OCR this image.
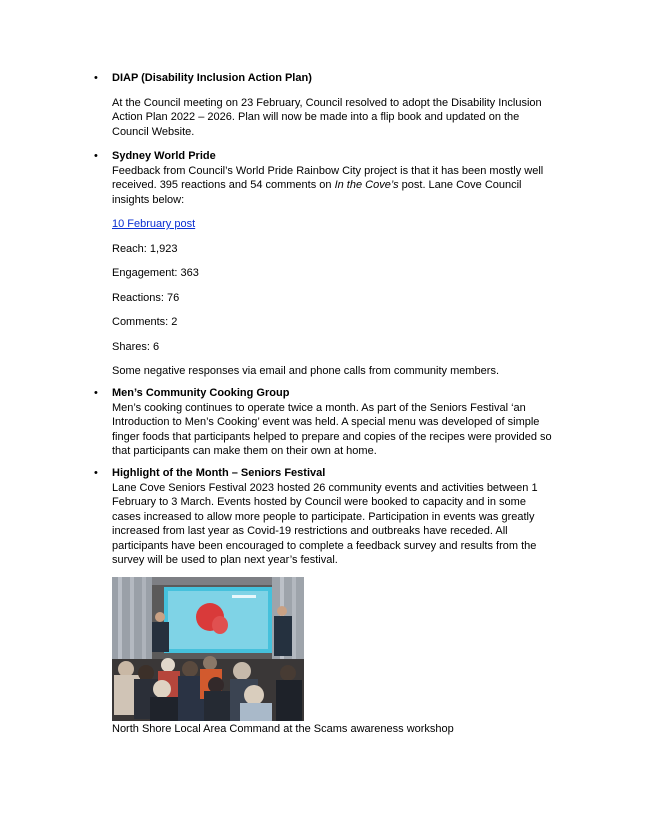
• DIAP (Disability Inclusion Action Plan)

At the Council meeting on 23 February, Council resolved to adopt the Disability Inclusion Action Plan 2022 – 2026. Plan will now be made into a flip book and updated on the Council Website.

• Sydney World Pride

Feedback from Council’s World Pride Rainbow City project is that it has been mostly well received. 395 reactions and 54 comments on In the Cove’s post. Lane Cove Council insights below:

10 February post

Reach: 1,923

Engagement: 363

Reactions: 76

Comments: 2

Shares: 6

Some negative responses via email and phone calls from community members.

• Men’s Community Cooking Group

Men’s cooking continues to operate twice a month. As part of the Seniors Festival ‘an Introduction to Men’s Cooking’ event was held. A special menu was developed of simple finger foods that participants helped to prepare and copies of the recipes were provided so that participants can make them on their own at home.

• Highlight of the Month – Seniors Festival

Lane Cove Seniors Festival 2023 hosted 26 community events and activities between 1 February to 3 March. Events hosted by Council were booked to capacity and in some cases increased to allow more people to participate. Participation in events was greatly increased from last year as Covid-19 restrictions and outbreaks have receded. All participants have been encouraged to complete a feedback survey and results from the survey will be used to plan next year’s festival.

North Shore Local Area Command at the Scams awareness workshop
